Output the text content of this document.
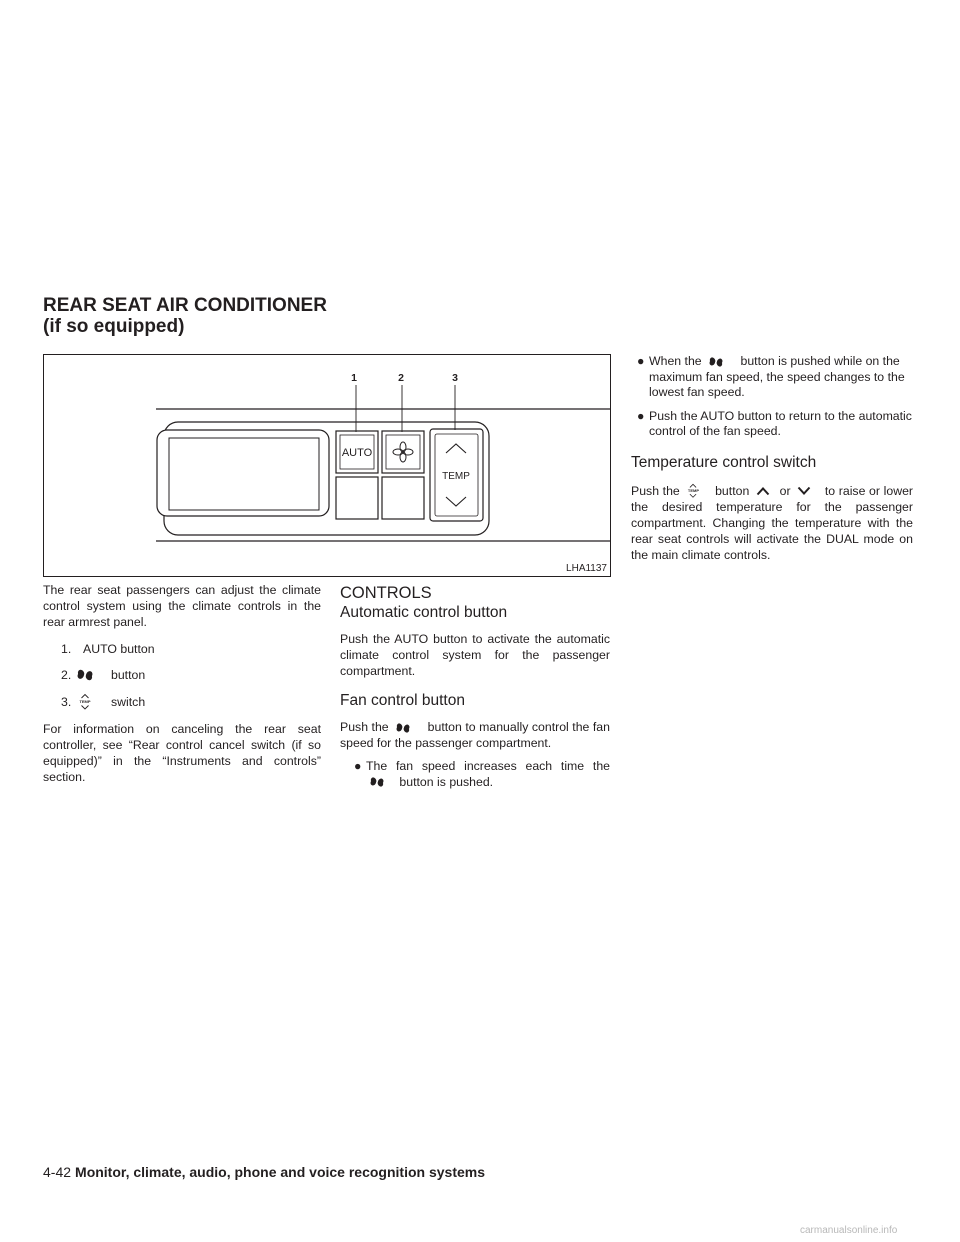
REAR SEAT AIR CONDITIONER (if so equipped)
AUTO
TEMP
1	2	3
LHA1137

The rear seat passengers can adjust the climate control system using the climate controls in the rear armrest panel.

1. AUTO button
2.	button
3.	TEMP switch

For information on canceling the rear seat controller, see “Rear control cancel switch (if so equipped)” in the “Instruments and controls” section.

CONTROLS
Automatic control button

Push the AUTO button to activate the automatic climate control system for the passenger compartment.

Fan control button

Push the	button to manually control the fan speed for the passenger compartment.

● The fan speed increases each time the  button is pushed.
● When the	button is pushed while on the maximum fan speed, the speed changes to the lowest fan speed.
● Push the AUTO button to return to the automatic control of the fan speed.
Temperature control switch

Push the	TEMP button or	to raise or lower the desired temperature for the passenger compartment. Changing the temperature with the rear seat controls will activate the DUAL mode on the main climate controls.

4-42 Monitor, climate, audio, phone and voice recognition systems
carmanualsonline.info
